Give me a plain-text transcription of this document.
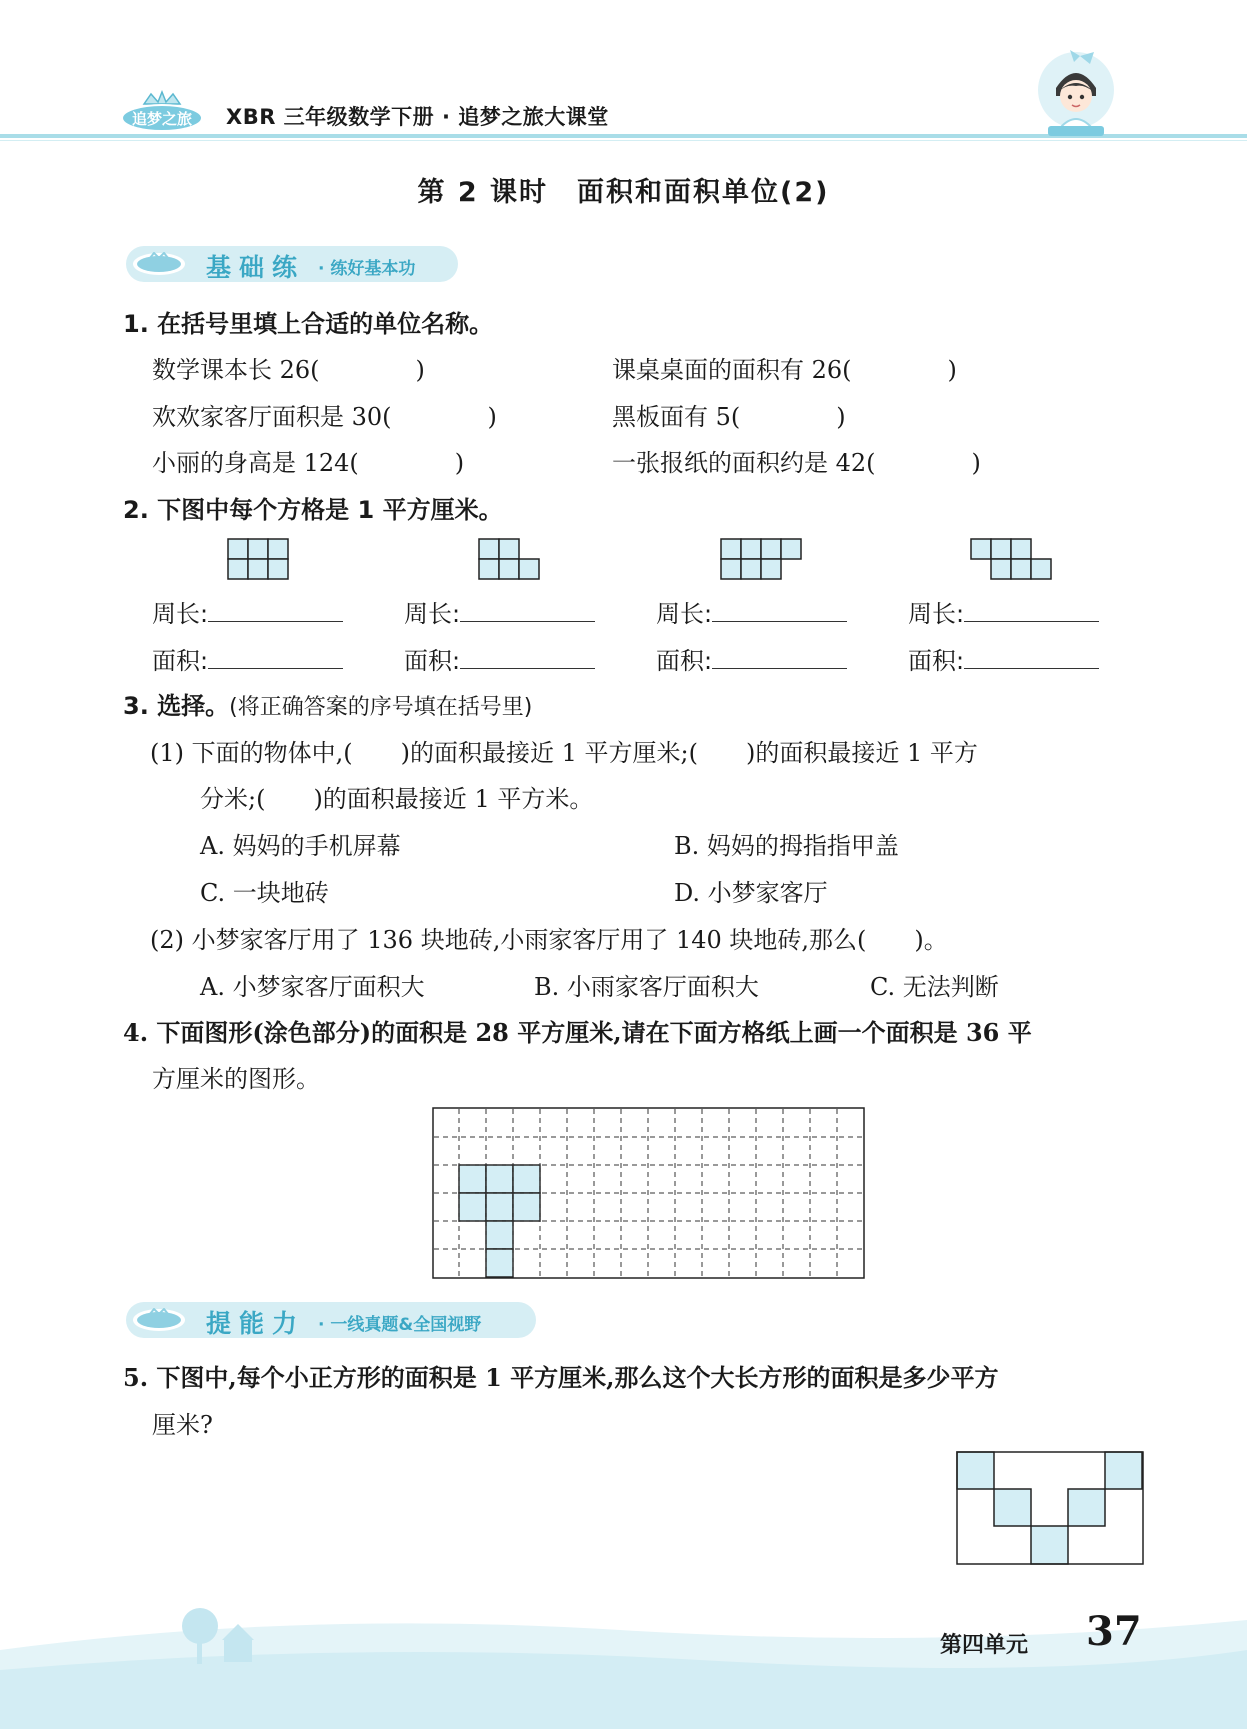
追梦之旅 XBR 三年级数学下册 · 追梦之旅大课堂
第 2 课时　面积和面积单位(2)
基础练 · 练好基本功
1. 在括号里填上合适的单位名称。
数学课本长 26(　　　　)	课桌桌面的面积有 26(　　　　)
欢欢家客厅面积是 30(　　　　)	黑板面有 5(　　　　)
小丽的身高是 124(　　　　)	一张报纸的面积约是 42(　　　　)
2. 下图中每个方格是 1 平方厘米。
周长:	周长:	周长:	周长:
面积:	面积:	面积:	面积:
3. 选择。(将正确答案的序号填在括号里)
(1) 下面的物体中,(　　)的面积最接近 1 平方厘米;(　　)的面积最接近 1 平方
分米;(　　)的面积最接近 1 平方米。
A. 妈妈的手机屏幕	B. 妈妈的拇指指甲盖
C. 一块地砖	D. 小梦家客厅
(2) 小梦家客厅用了 136 块地砖,小雨家客厅用了 140 块地砖,那么(　　)。
A. 小梦家客厅面积大	B. 小雨家客厅面积大	C. 无法判断
4. 下面图形(涂色部分)的面积是 28 平方厘米,请在下面方格纸上画一个面积是 36 平
方厘米的图形。
提能力 · 一线真题&全国视野
5. 下图中,每个小正方形的面积是 1 平方厘米,那么这个大长方形的面积是多少平方
厘米?
第四单元 37
